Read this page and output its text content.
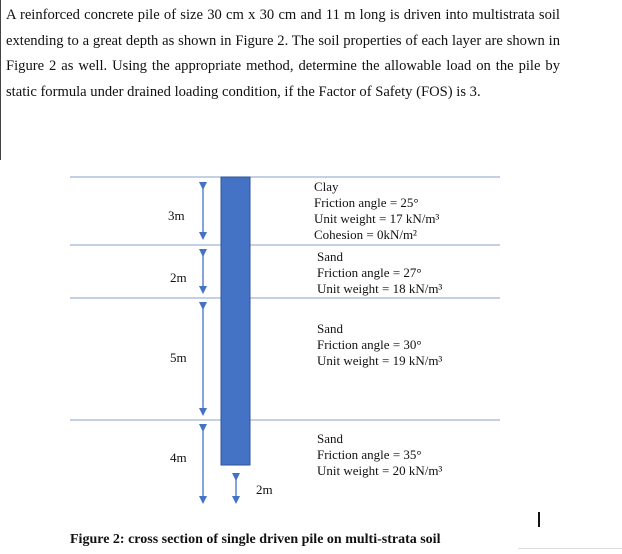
A reinforced concrete pile of size 30 cm x 30 cm and 11 m long is driven into multistrata soil extending to a great depth as shown in Figure 2. The soil properties of each layer are shown in Figure 2 as well. Using the appropriate method, determine the allowable load on the pile by static formula under drained loading condition, if the Factor of Safety (FOS) is 3.

3m
2m
5m
4m
2m
Clay
Friction angle = 25°
Unit weight = 17 kN/m³
Cohesion = 0kN/m²
Sand
Friction angle = 27°
Unit weight = 18 kN/m³
Sand
Friction angle = 30°
Unit weight = 19 kN/m³
Sand
Friction angle = 35°
Unit weight = 20 kN/m³
Figure 2: cross section of single driven pile on multi-strata soil
